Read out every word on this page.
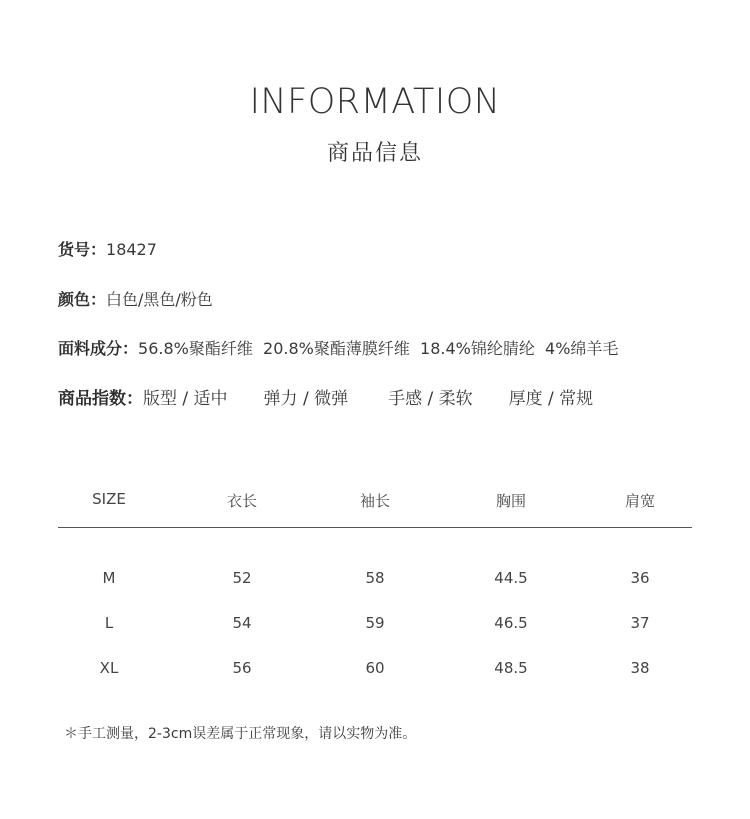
INFORMATION
商品信息
货号：18427
颜色：白色/黑色/粉色
面料成分：56.8%聚酯纤维  20.8%聚酯薄膜纤维  18.4%锦纶腈纶  4%绵羊毛
商品指数：版型 / 适中 弹力 / 微弹 手感 / 柔软 厚度 / 常规
SIZE	衣长	袖长	胸围	肩宽
M	52	58	44.5	36
L	54	59	46.5	37
XL	56	60	48.5	38
＊手工测量，2-3cm误差属于正常现象，请以实物为准。
